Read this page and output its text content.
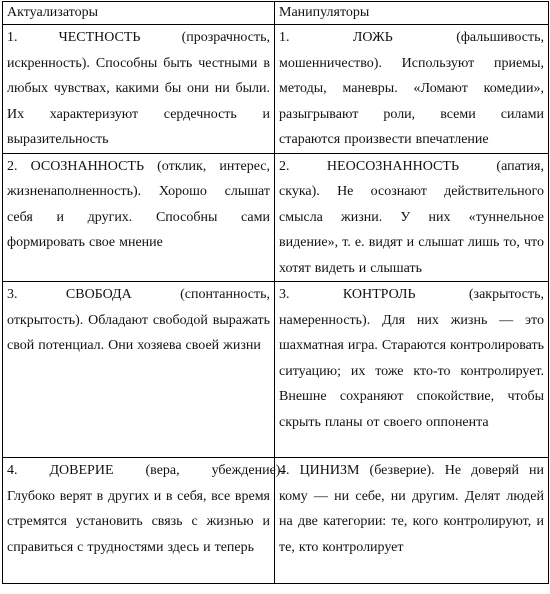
Актуализаторы	Манипуляторы

1.        ЧЕСТНОСТЬ        (прозрачность, искренность). Способны быть честными в любых чувствах, какими бы они ни были. Их характеризуют сердечность и выразительность	1.             ЛОЖЬ             (фальшивость, мошенничество). Используют приемы, методы, маневры. «Ломают комедии», разыгрывают роли, всеми силами стараются произвести впечатление

2. ОСОЗНАННОСТЬ (отклик, интерес, жизненаполненность). Хорошо слышат себя и других. Способны сами формировать свое мнение	2.       НЕОСОЗНАННОСТЬ       (апатия, скука). Не осознают действительного смысла жизни. У них «туннельное видение», т. е. видят и слышат лишь то, что хотят видеть и слышать

3.          СВОБОДА          (спонтанность, открытость). Обладают свободой выражать свой потенциал. Они хозяева своей жизни	3.            КОНТРОЛЬ            (закрытость, намеренность). Для них жизнь — это шахматная игра. Стараются контролировать ситуацию; их тоже кто-то контролирует. Внешне сохраняют спокойствие, чтобы скрыть планы от своего оппонента

4.        ДОВЕРИЕ        (вера,        убеждение). Глубоко верят в других и в себя, все время стремятся установить связь с жизнью и справиться с трудностями здесь и теперь	4. ЦИНИЗМ (безверие). Не доверяй ни кому — ни себе, ни другим. Делят людей на две категории: те, кого контролируют, и те, кто контролирует
